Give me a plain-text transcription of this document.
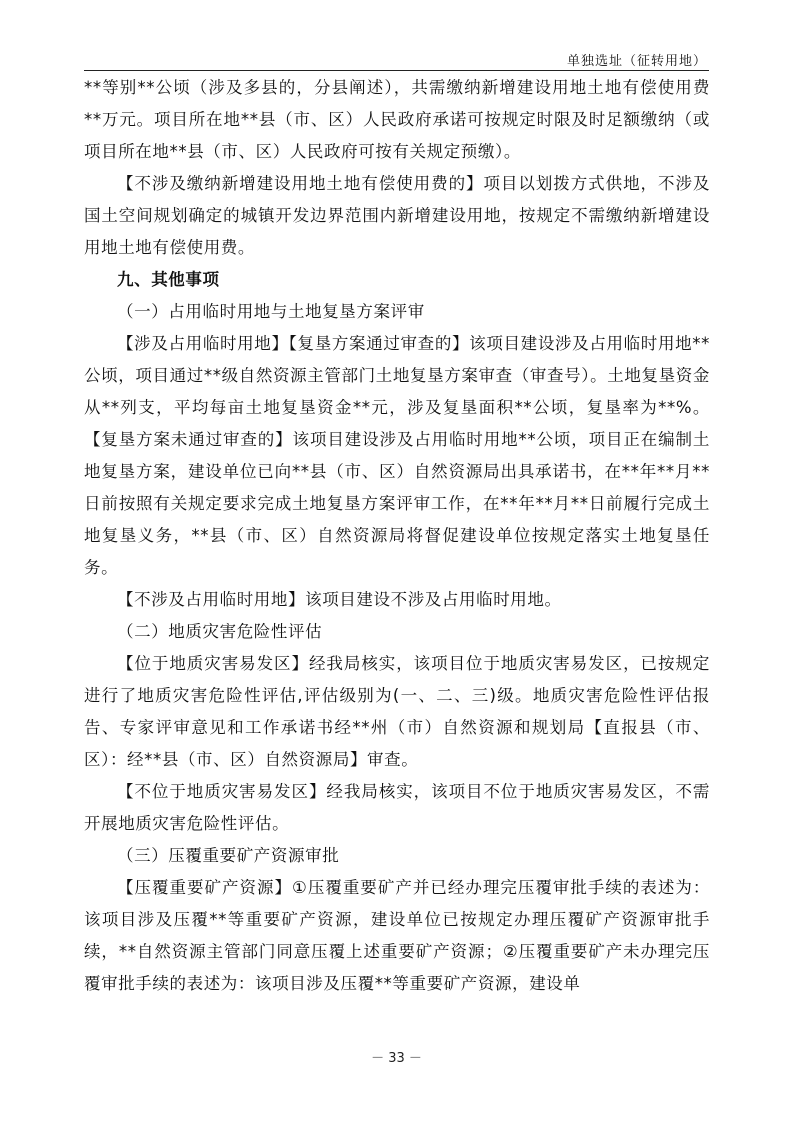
单独选址（征转用地）

**等别**公顷（涉及多县的，分县阐述），共需缴纳新增建设用地土地有偿使用费**万元。项目所在地**县（市、区）人民政府承诺可按规定时限及时足额缴纳（或项目所在地**县（市、区）人民政府可按有关规定预缴）。

【不涉及缴纳新增建设用地土地有偿使用费的】项目以划拨方式供地，不涉及国土空间规划确定的城镇开发边界范围内新增建设用地，按规定不需缴纳新增建设用地土地有偿使用费。

九、其他事项

（一）占用临时用地与土地复垦方案评审

【涉及占用临时用地】【复垦方案通过审查的】该项目建设涉及占用临时用地**公顷，项目通过**级自然资源主管部门土地复垦方案审查（审查号）。土地复垦资金从**列支，平均每亩土地复垦资金**元，涉及复垦面积**公顷，复垦率为**%。【复垦方案未通过审查的】该项目建设涉及占用临时用地**公顷，项目正在编制土地复垦方案，建设单位已向**县（市、区）自然资源局出具承诺书，在**年**月**日前按照有关规定要求完成土地复垦方案评审工作，在**年**月**日前履行完成土地复垦义务，**县（市、区）自然资源局将督促建设单位按规定落实土地复垦任务。

【不涉及占用临时用地】该项目建设不涉及占用临时用地。

（二）地质灾害危险性评估

【位于地质灾害易发区】经我局核实，该项目位于地质灾害易发区，已按规定进行了地质灾害危险性评估,评估级别为(一、二、三)级。地质灾害危险性评估报告、专家评审意见和工作承诺书经**州（市）自然资源和规划局【直报县（市、区）：经**县（市、区）自然资源局】审查。

【不位于地质灾害易发区】经我局核实，该项目不位于地质灾害易发区，不需开展地质灾害危险性评估。

（三）压覆重要矿产资源审批

【压覆重要矿产资源】①压覆重要矿产并已经办理完压覆审批手续的表述为：该项目涉及压覆**等重要矿产资源，建设单位已按规定办理压覆矿产资源审批手续，**自然资源主管部门同意压覆上述重要矿产资源；②压覆重要矿产未办理完压覆审批手续的表述为：该项目涉及压覆**等重要矿产资源，建设单

－ 33 －
